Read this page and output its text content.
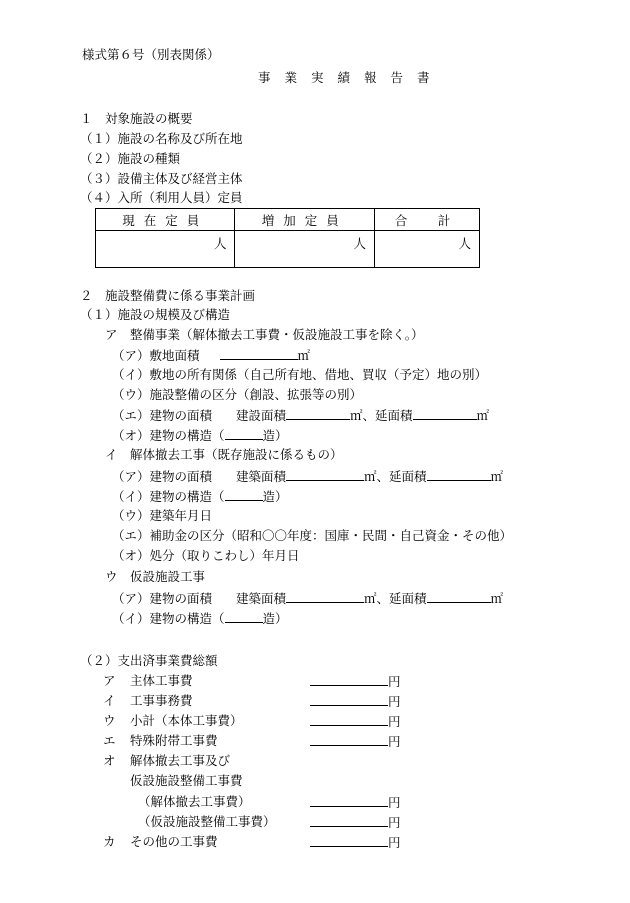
様式第６号（別表関係）
事業実績報告書
１　対象施設の概要
（１）施設の名称及び所在地
（２）施設の種類
（３）設備主体及び経営主体
（４）入所（利用人員）定員
現在定員	増加定員	合　計
人	人	人
２　施設整備費に係る事業計画
（１）施設の規模及び構造
ア　整備事業（解体撤去工事費・仮設施設工事を除く。）
（ア）敷地面積	㎡
（イ）敷地の所有関係（自己所有地、借地、買収（予定）地の別）
（ウ）施設整備の区分（創設、拡張等の別）
（エ）建物の面積 建設面積	㎡、延面積	㎡
（オ）建物の構造（	造）
イ　解体撤去工事（既存施設に係るもの）
（ア）建物の面積 建築面積	㎡、延面積	㎡
（イ）建物の構造（	造）
（ウ）建築年月日
（エ）補助金の区分（昭和〇〇年度：国庫・民間・自己資金・その他）
（オ）処分（取りこわし）年月日
ウ　仮設施設工事
（ア）建物の面積 建築面積	㎡、延面積	㎡
（イ）建物の構造（	造）
（２）支出済事業費総額
ア 主体工事費	円
イ 工事事務費	円
ウ 小計（本体工事費）	円
エ 特殊附帯工事費	円
オ 解体撤去工事及び
仮設施設整備工事費
（解体撤去工事費）	円
（仮設施設整備工事費）	円
カ その他の工事費	円
